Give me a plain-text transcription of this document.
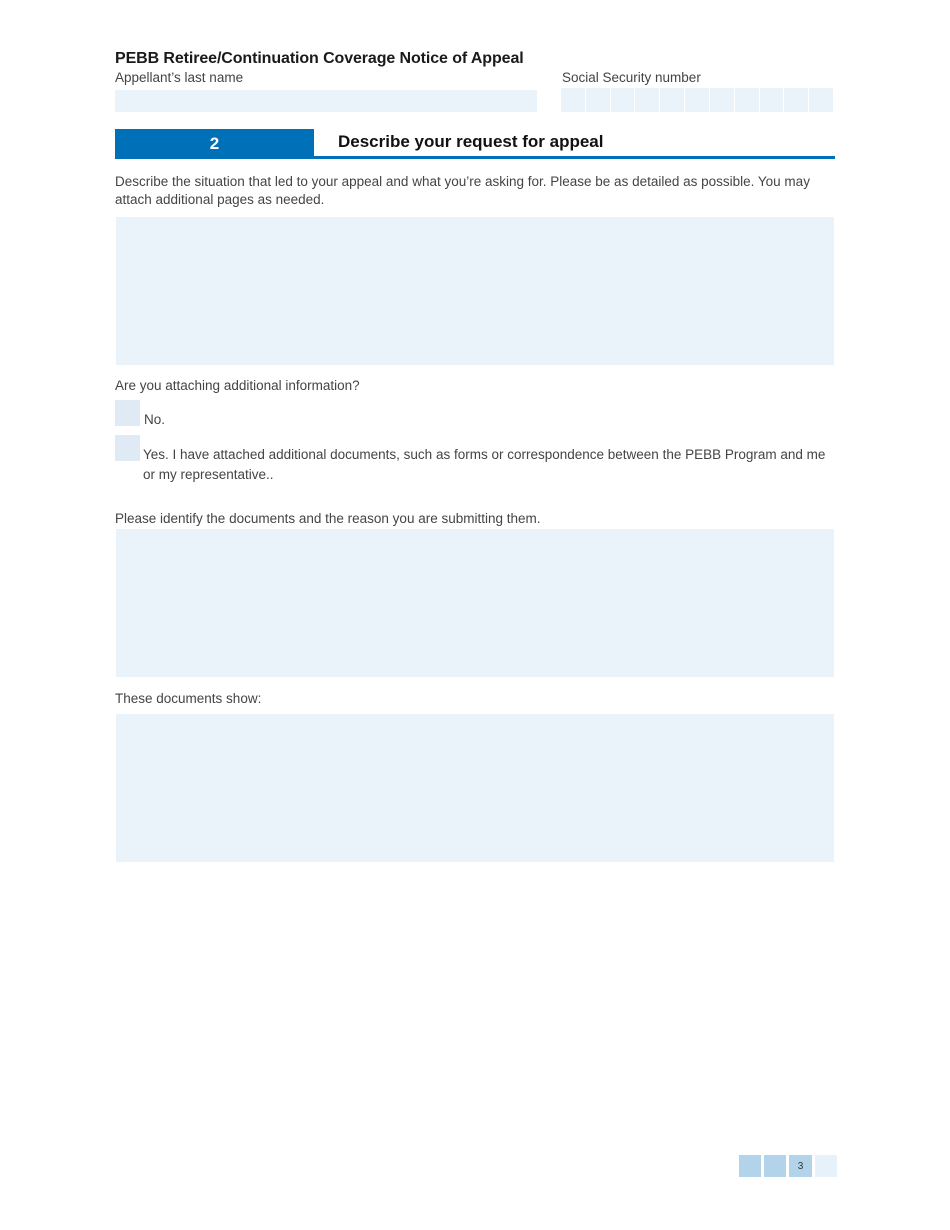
PEBB Retiree/Continuation Coverage Notice of Appeal
Appellant’s last name	Social Security number
2	Describe your request for appeal
Describe the situation that led to your appeal and what you’re asking for. Please be as detailed as possible. You may attach additional pages as needed.
Are you attaching additional information?
No.
Yes. I have attached additional documents, such as forms or correspondence between the PEBB Program and me or my representative..
Please identify the documents and the reason you are submitting them.
These documents show:
3
